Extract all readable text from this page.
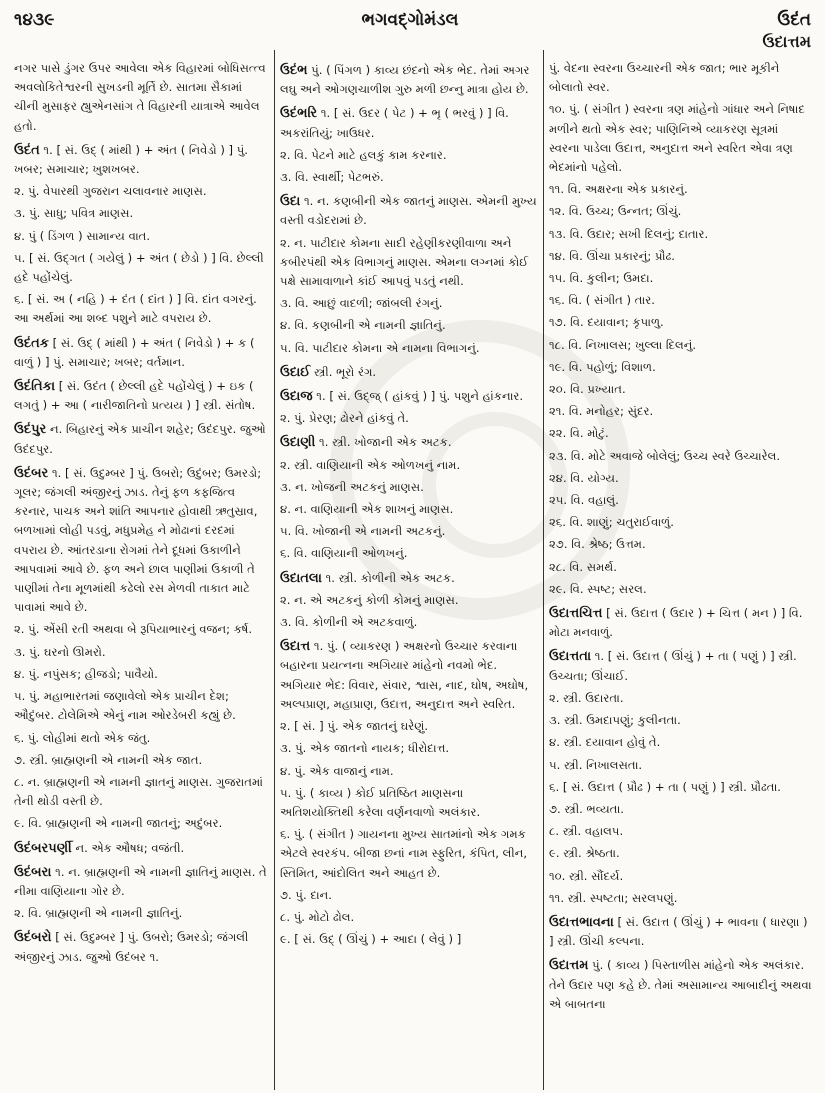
૧૪૩૯	ભગવદ્ગોમંડલ	ઉદંત
ઉદાત્તમ

નગર પાસે ડુંગર ઉપર આવેલા એક વિહારમાં બોધિસત્ત્વ અવલોકિતેશ્વરની સુખડની મૂર્તિ છે. સાતમા સૈકામાં ચીની મુસાફર હ્યુએનસાંગ તે વિહારની યાત્રાએ આવેલ હતો.

ઉદંત ૧. [ સં. ઉદ્ ( માંથી ) + અંત ( નિવેડો ) ] પું. ખબર; સમાચાર; ખુશખબર.

૨. પું. વેપારથી ગુજરાન ચલાવનાર માણસ.

૩. પું. સાધુ; પવિત્ર માણસ.

૪. પું ( ડિંગળ ) સામાન્ય વાત.

૫. [ સં. ઉદ્ગત ( ગયેલું ) + અંત ( છેડો ) ] વિ. છેલ્લી હદે પહોંચેલું.

૬. [ સં. અ ( નહિ ) + દંત ( દાંત ) ] વિ. દાંત વગરનું. આ અર્થમાં આ શબ્દ પશુને માટે વપરાય છે.

ઉદંતક [ સં. ઉદ્ ( માંથી ) + અંત ( નિવેડો ) + ક ( વાળું ) ] પું. સમાચાર; ખબર; વર્તમાન.

ઉદંતિકા [ સં. ઉદંત ( છેલ્લી હદે પહોંચેલું ) + ઇક ( લગતું ) + આ ( નારીજાતિનો પ્રત્યય ) ] સ્ત્રી. સંતોષ.

ઉદંપુર ન. બિહારનું એક પ્રાચીન શહેર; ઉદંદપુર. જુઓ ઉદંદપુર.

ઉદંબર ૧. [ સં. ઉદુમ્બર ] પું. ઉબરો; ઉદુંબર; ઉમરડો; ગૂલર; જંગલી અંજીરનું ઝાડ. તેનું ફળ કફજિત્વ કરનાર, પાચક અને શાંતિ આપનાર હોવાથી ઋતુસ્રાવ, બળખામાં લોહી પડવું, મધુપ્રમેહ ને મોઢાનાં દરદમાં વપરાય છે. આંતરડાના રોગમાં તેને દૂધમાં ઉકાળીને આપવામાં આવે છે. ફળ અને છાલ પાણીમાં ઉકાળી તે પાણીમાં તેના મૂળમાંથી કઢેલો રસ મેળવી તાકાત માટે પાવામાં આવે છે.

૨. પું. એંસી રતી અથવા બે રૂપિયાભારનું વજન; કર્ષ.

૩. પું. ઘરનો ઊમરો.

૪. પું. નપુંસક; હીજડો; પાવૈયો.

૫. પું. મહાભારતમાં જણાવેલો એક પ્રાચીન દેશ; ઔદુંબર. ટોલેમિએ એનું નામ ઓરડેબરી કહ્યું છે.

૬. પું. લોહીમાં થતો એક જંતુ.

૭. સ્ત્રી. બ્રાહ્મણની એ નામની એક જાત.

૮. ન. બ્રાહ્મણની એ નામની જ્ઞાતનું માણસ. ગુજરાતમાં તેની થોડી વસ્તી છે.

૯. વિ. બ્રાહ્મણની એ નામની જાતનું; અદુંબર.

ઉદંબરપર્ણી ન. એક ઔષધ; વજંતી.

ઉદંબરા ૧. ન. બ્રાહ્મણની એ નામની જ્ઞાતિનું માણસ. તે નીમા વાણિયાના ગોર છે.

૨. વિ. બ્રાહ્મણની એ નામની જ્ઞાતિનું.

ઉદંબરો [ સં. ઉદુમ્બર ] પું. ઉબરો; ઉમરડો; જંગલી અંજીરનું ઝાડ. જુઓ ઉદંબર ૧.

ઉદંભ પું. ( પિંગળ ) કાવ્ય છંદનો એક ભેદ. તેમાં અગર લઘુ અને ઓગણચાળીશ ગુરુ મળી છન્નુ માત્રા હોય છે.

ઉદંભરિ ૧. [ સં. ઉદર ( પેટ ) + ભૃ ( ભરવું ) ] વિ. અકરાંતિયું; ખાઉધર.

૨. વિ. પેટને માટે હલકું કામ કરનાર.

૩. વિ. સ્વાર્થી; પેટભરું.

ઉદા ૧. ન. કણબીની એક જાતનું માણસ. એમની મુખ્ય વસ્તી વડોદરામાં છે.

૨. ન. પાટીદાર કોમના સાદી રહેણીકરણીવાળા અને કબીરપંથી એક વિભાગનું માણસ. એમના લગ્નમાં કોઈ પક્ષે સામાવાળાને કાંઈ આપવું પડતું નથી.

૩. વિ. આછું વાદળી; જાંબલી રંગનું.

૪. વિ. કણબીની એ નામની જ્ઞાતિનું.

૫. વિ. પાટીદાર કોમના એ નામના વિભાગનું.

ઉદાઈ સ્ત્રી. ભૂરો રંગ.

ઉદાજ ૧. [ સં. ઉદ્જ્ ( હાંકવું ) ] પું. પશુને હાંકનાર.

૨. પું. પ્રેરણ; ઢોરને હાંકવું તે.

ઉદાણી ૧. સ્ત્રી. ખોજાની એક અટક.

૨. સ્ત્રી. વાણિયાની એક ઓળખનું નામ.

૩. ન. ખોજની અટકનું માણસ.

૪. ન. વાણિયાની એક શાખનું માણસ.

૫. વિ. ખોજાની એ નામની અટકનું.

૬. વિ. વાણિયાની ઓળખનું.

ઉદાતલા ૧. સ્ત્રી. કોળીની એક અટક.

૨. ન. એ અટકનું કોળી કોમનું માણસ.

૩. વિ. કોળીની એ અટકવાળું.

ઉદાત્ત ૧. પું. ( વ્યાકરણ ) અક્ષરનો ઉચ્ચાર કરવાના બહારના પ્રયત્નના અગિયાર માંહેનો નવમો ભેદ. અગિયાર ભેદ: વિવાર, સંવાર, શ્વાસ, નાદ, ઘોષ, અઘોષ, અલ્પપ્રાણ, મહાપ્રાણ, ઉદાત્ત, અનુદાત્ત અને સ્વરિત.

૨. [ સં. ] પું. એક જાતનું ઘરેણું.

૩. પું. એક જાતનો નાયક; ધીરોદાત્ત.

૪. પું. એક વાજાનું નામ.

૫. પું. ( કાવ્ય ) કોઈ પ્રતિષ્ઠિત માણસના અતિશયોક્તિથી કરેલા વર્ણનવાળો અલંકાર.

૬. પું. ( સંગીત ) ગાયનના મુખ્ય સાતમાંનો એક ગમક એટલે સ્વરકંપ. બીજા છનાં નામ સ્ફુરિત, કંપિત, લીન, સ્તિમિત, આંદોલિત અને આહત છે.

૭. પું. દાન.

૮. પું. મોટો ઢોલ.

૯. [ સં. ઉદ્ ( ઊંચું ) + આદા ( લેવું ) ]

પું. વેદના સ્વરના ઉચ્ચારની એક જાત; ભાર મૂકીને બોલાતો સ્વર.

૧૦. પું. ( સંગીત ) સ્વરના ત્રણ માંહેનો ગાંધાર અને નિષાદ મળીને થતો એક સ્વર; પાણિનિએ વ્યાકરણ સૂત્રમાં સ્વરના પાડેલા ઉદાત્ત, અનુદાત્ત અને સ્વરિત એવા ત્રણ ભેદમાંનો પહેલો.

૧૧. વિ. અક્ષરના એક પ્રકારનું.

૧૨. વિ. ઉચ્ચ; ઉન્નત; ઊંચું.

૧૩. વિ. ઉદાર; સખી દિલનું; દાતાર.

૧૪. વિ. ઊંચા પ્રકારનું; પ્રૌઢ.

૧૫. વિ. કુલીન; ઉમદા.

૧૬. વિ. ( સંગીત ) તાર.

૧૭. વિ. દયાવાન; કૃપાળુ.

૧૮. વિ. નિખાલસ; ખુલ્લા દિલનું.

૧૯. વિ. પહોળું; વિશાળ.

૨૦. વિ. પ્રખ્યાત.

૨૧. વિ. મનોહર; સુંદર.

૨૨. વિ. મોટું.

૨૩. વિ. મોટે અવાજે બોલેલું; ઉચ્ચ સ્વરે ઉચ્ચારેલ.

૨૪. વિ. યોગ્ય.

૨૫. વિ. વહાલું.

૨૬. વિ. શાણું; ચતુરાઈવાળું.

૨૭. વિ. શ્રેષ્ઠ; ઉત્તમ.

૨૮. વિ. સમર્થ.

૨૯. વિ. સ્પષ્ટ; સરલ.

ઉદાત્તચિત્ત [ સં. ઉદાત્ત ( ઉદાર ) + ચિત્ત ( મન ) ] વિ. મોટા મનવાળું.

ઉદાત્તતા ૧. [ સં. ઉદાત્ત ( ઊંચું ) + તા ( પણું ) ] સ્ત્રી. ઉચ્ચતા; ઊંચાઈ.

૨. સ્ત્રી. ઉદારતા.

૩. સ્ત્રી. ઉમદાપણું; કુલીનતા.

૪. સ્ત્રી. દયાવાન હોવું તે.

૫. સ્ત્રી. નિખાલસતા.

૬. [ સં. ઉદાત્ત ( પ્રૌઢ ) + તા ( પણું ) ] સ્ત્રી. પ્રૌઢતા.

૭. સ્ત્રી. ભવ્યતા.

૮. સ્ત્રી. વહાલપ.

૯. સ્ત્રી. શ્રેષ્ઠતા.

૧૦. સ્ત્રી. સૌંદર્ય.

૧૧. સ્ત્રી. સ્પષ્ટતા; સરલપણું.

ઉદાત્તભાવના [ સં. ઉદાત્ત ( ઊંચું ) + ભાવના ( ધારણા ) ] સ્ત્રી. ઊંચી કલ્પના.

ઉદાત્તમ પું. ( કાવ્ય ) પિસ્તાળીસ માંહેનો એક અલંકાર. તેને ઉદાર પણ કહે છે. તેમાં અસામાન્ય આબાદીનું અથવા એ બાબતના
